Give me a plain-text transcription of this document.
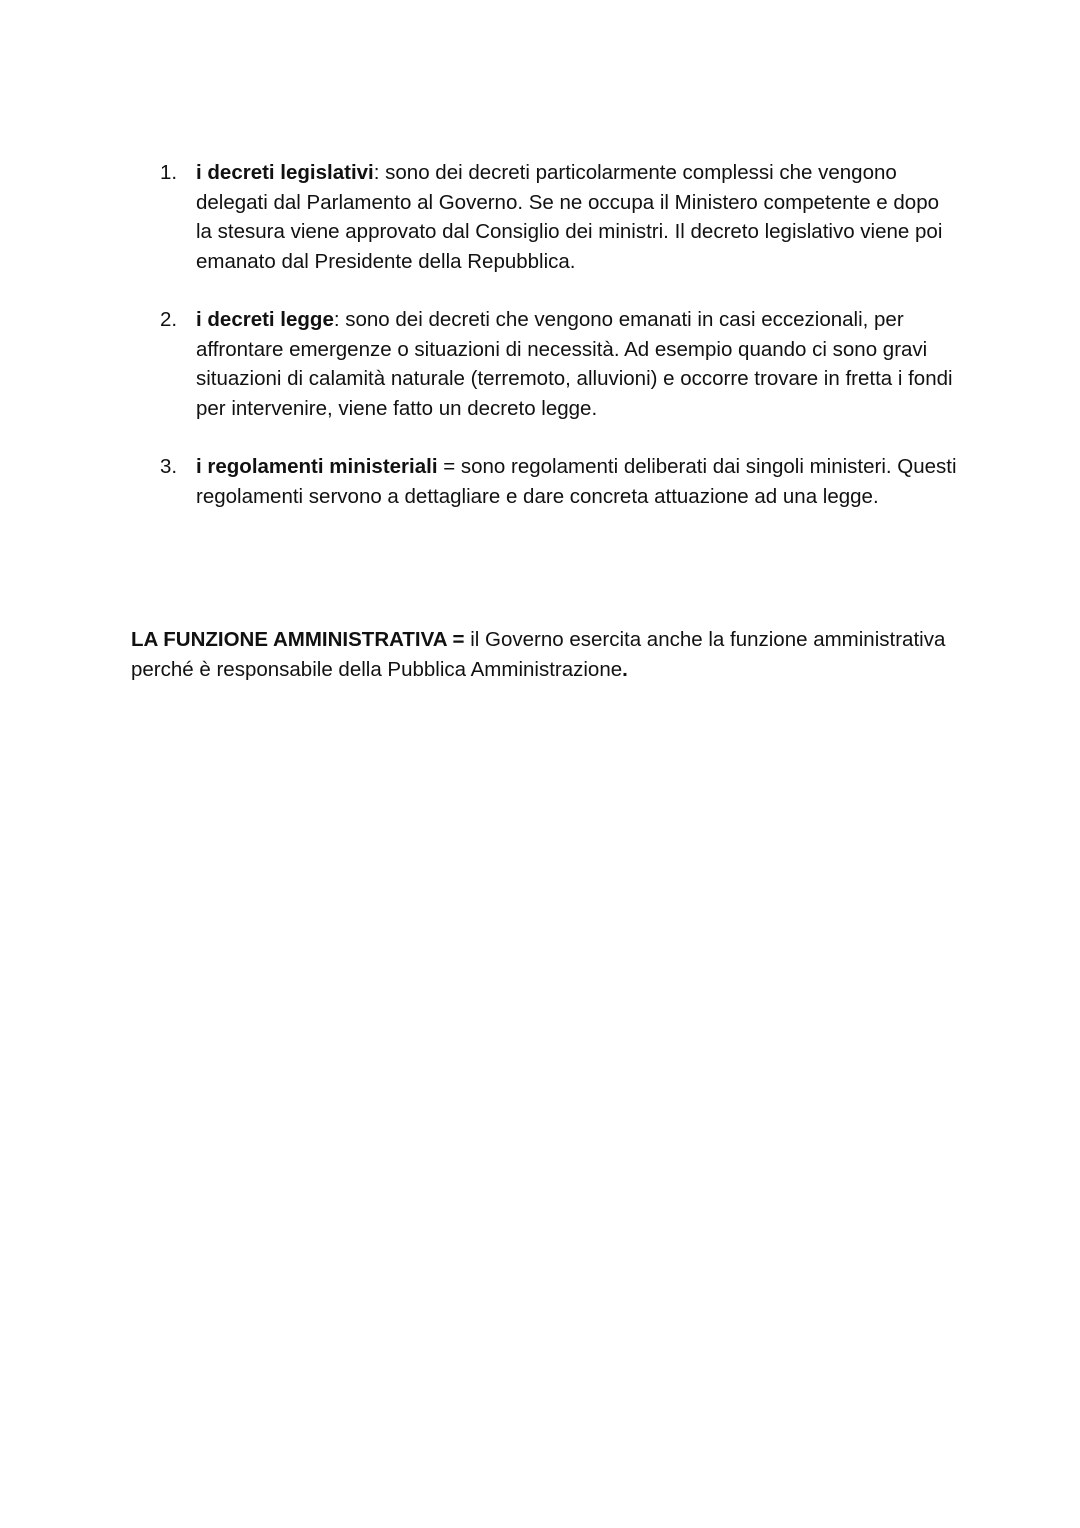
1. i decreti legislativi: sono dei decreti particolarmente complessi che vengono delegati dal Parlamento al Governo. Se ne occupa il Ministero competente e dopo la stesura viene approvato dal Consiglio dei ministri. Il decreto legislativo viene poi emanato dal Presidente della Repubblica.
2. i decreti legge: sono dei decreti che vengono emanati in casi eccezionali, per affrontare emergenze o situazioni di necessità. Ad esempio quando ci sono gravi situazioni di calamità naturale (terremoto, alluvioni) e occorre trovare in fretta i fondi per intervenire, viene fatto un decreto legge.
3. i regolamenti ministeriali = sono regolamenti deliberati dai singoli ministeri. Questi regolamenti servono a dettagliare e dare concreta attuazione ad una legge.

LA FUNZIONE AMMINISTRATIVA = il Governo esercita anche la funzione amministrativa perché è responsabile della Pubblica Amministrazione.
